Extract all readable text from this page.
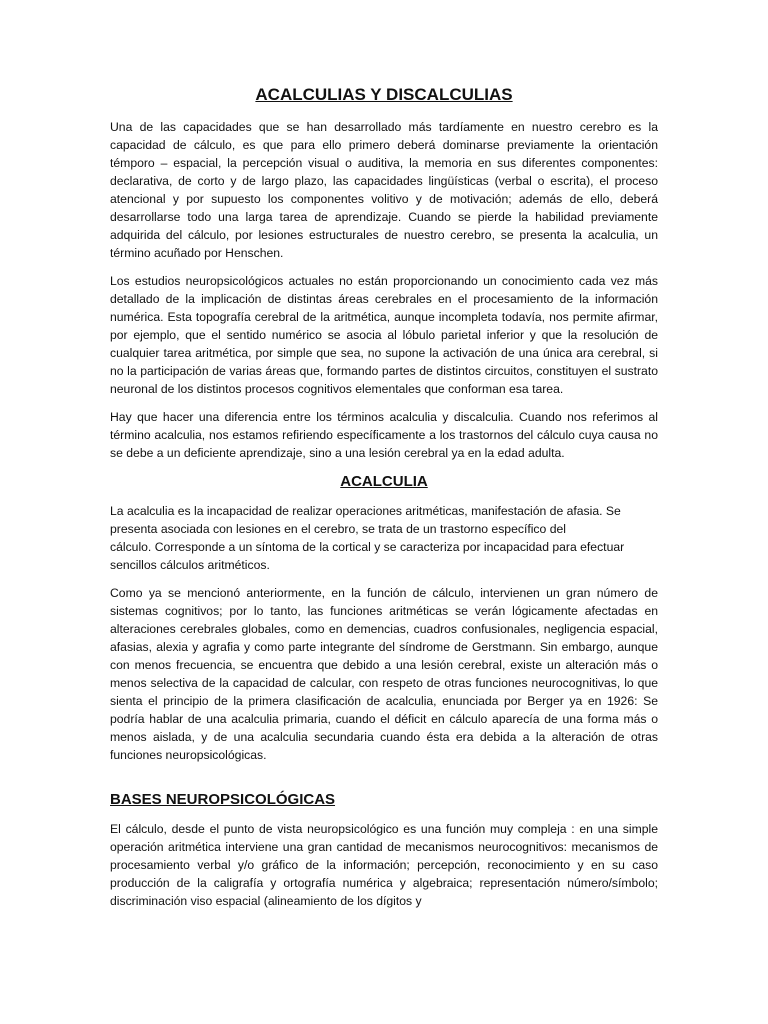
ACALCULIAS Y DISCALCULIAS

Una de las capacidades que se han desarrollado más tardíamente en nuestro cerebro es la capacidad de cálculo, es que para ello primero deberá dominarse previamente la orientación témporo – espacial, la percepción visual o auditiva, la memoria en sus diferentes componentes: declarativa, de corto y de largo plazo, las capacidades lingüísticas (verbal o escrita), el proceso atencional y por supuesto los componentes volitivo y de motivación; además de ello, deberá desarrollarse todo una larga tarea de aprendizaje. Cuando se pierde la habilidad previamente adquirida del cálculo, por lesiones estructurales de nuestro cerebro, se presenta la acalculia, un término acuñado por Henschen.

Los estudios neuropsicológicos actuales no están proporcionando un conocimiento cada vez más detallado de la implicación de distintas áreas cerebrales en el procesamiento de la información numérica. Esta topografía cerebral de la aritmética, aunque incompleta todavía, nos permite afirmar, por ejemplo, que el sentido numérico se asocia al lóbulo parietal inferior y que la resolución de cualquier tarea aritmética, por simple que sea, no supone la activación de una única ara cerebral, si no la participación de varias áreas que, formando partes de distintos circuitos, constituyen el sustrato neuronal de los distintos procesos cognitivos elementales que conforman esa tarea.

Hay que hacer una diferencia entre los términos acalculia y discalculia. Cuando nos referimos al término acalculia, nos estamos refiriendo específicamente a los trastornos del cálculo cuya causa no se debe a un deficiente aprendizaje, sino a una lesión cerebral ya en la edad adulta.

ACALCULIA

La acalculia es la incapacidad de realizar operaciones aritméticas, manifestación de afasia. Se
presenta asociada con lesiones en el cerebro, se trata de un trastorno específico del
cálculo. Corresponde a un síntoma de la cortical y se caracteriza por incapacidad para efectuar
sencillos cálculos aritméticos.

Como ya se mencionó anteriormente, en la función de cálculo, intervienen un gran número de sistemas cognitivos; por lo tanto, las funciones aritméticas se verán lógicamente afectadas en alteraciones cerebrales globales, como en demencias, cuadros confusionales, negligencia espacial, afasias, alexia y agrafia y como parte integrante del síndrome de Gerstmann. Sin embargo, aunque con menos frecuencia, se encuentra que debido a una lesión cerebral, existe un alteración más o menos selectiva de la capacidad de calcular, con respeto de otras funciones neurocognitivas, lo que sienta el principio de la primera clasificación de acalculia, enunciada por Berger ya en 1926: Se podría hablar de una acalculia primaria, cuando el déficit en cálculo aparecía de una forma más o menos aislada, y de una acalculia secundaria cuando ésta era debida a la alteración de otras funciones neuropsicológicas.

BASES NEUROPSICOLÓGICAS

El cálculo, desde el punto de vista neuropsicológico es una función muy compleja : en una simple operación aritmética interviene una gran cantidad de mecanismos neurocognitivos: mecanismos de procesamiento verbal y/o gráfico de la información; percepción, reconocimiento y en su caso producción de la caligrafía y ortografía numérica y algebraica; representación número/símbolo; discriminación viso espacial (alineamiento de los dígitos y
